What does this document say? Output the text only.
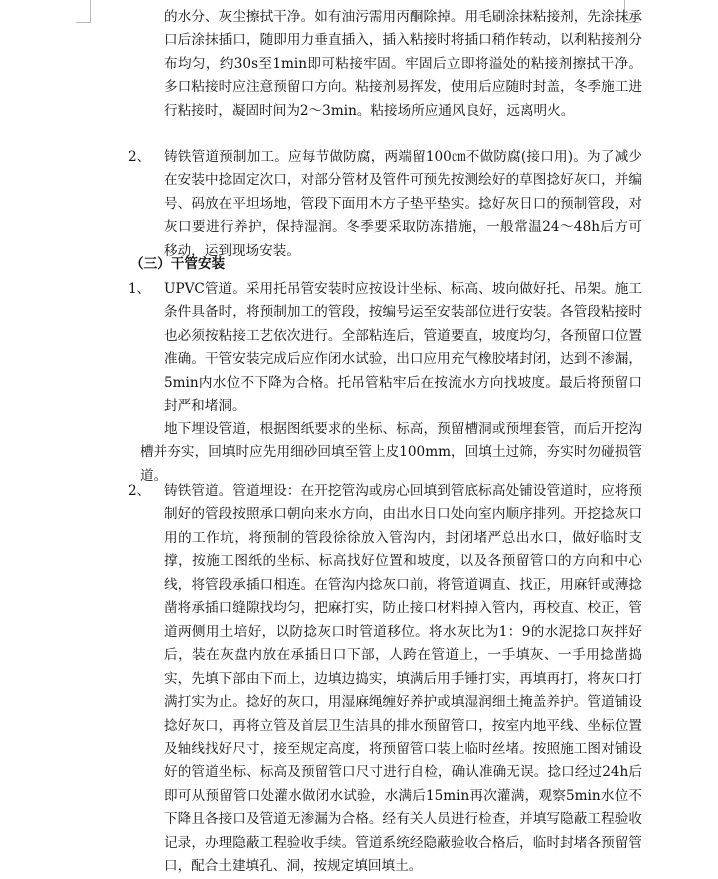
的水分、灰尘擦拭干净。如有油污需用丙酮除掉。用毛刷涂抹粘接剂，先涂抹承口后涂抹插口，随即用力垂直插入，插入粘接时将插口稍作转动，以利粘接剂分布均匀，约30s至1min即可粘接牢固。牢固后立即将溢处的粘接剂擦拭干净。多口粘接时应注意预留口方向。粘接剂易挥发，使用后应随时封盖，冬季施工进行粘接时，凝固时间为2～3min。粘接场所应通风良好，远离明火。
2、 铸铁管道预制加工。应每节做防腐，两端留100㎝不做防腐(接口用)。为了减少在安装中捻固定次口，对部分管材及管件可预先按测绘好的草图捻好灰口，并编号、码放在平坦场地，管段下面用木方子垫平垫实。捻好灰日口的预制管段，对灰口要进行养护，保持湿润。冬季要采取防冻措施，一般常温24～48h后方可移动，运到现场安装。
（三）干管安装
1、 UPVC管道。采用托吊管安装时应按设计坐标、标高、坡向做好托、吊架。施工条件具备时，将预制加工的管段，按编号运至安装部位进行安装。各管段粘接时也必须按粘接工艺依次进行。全部粘连后，管道要直，坡度均匀，各预留口位置准确。干管安装完成后应作闭水试验，出口应用充气橡胶堵封闭，达到不渗漏，5min内水位不下降为合格。托吊管粘牢后在按流水方向找坡度。最后将预留口封严和堵洞。
地下埋设管道，根据图纸要求的坐标、标高，预留槽洞或预埋套管，而后开挖沟槽并夯实，回填时应先用细砂回填至管上皮100mm，回填土过筛，夯实时勿碰损管道。
2、 铸铁管道。管道埋设：在开挖管沟或房心回填到管底标高处铺设管道时，应将预制好的管段按照承口朝向来水方向，由出水日口处向室内顺序排列。开挖捻灰口用的工作坑，将预制的管段徐徐放入管沟内，封闭堵严总出水口，做好临时支撑，按施工图纸的坐标、标高找好位置和坡度，以及各预留管口的方向和中心线，将管段承插口相连。在管沟内捻灰口前，将管道调直、找正，用麻钎或薄捻凿将承插口缝隙找均匀，把麻打实，防止接口材料掉入管内，再校直、校正，管道两侧用土培好，以防捻灰口时管道移位。将水灰比为1：9的水泥捻口灰拌好后，装在灰盘内放在承插日口下部，人跨在管道上，一手填灰、一手用捻凿捣实，先填下部由下而上，边填边捣实，填满后用手锤打实，再填再打，将灰口打满打实为止。捻好的灰口，用湿麻绳缠好养护或填湿润细土掩盖养护。管道铺设捻好灰口，再将立管及首层卫生洁具的排水预留管口，按室内地平线、坐标位置及轴线找好尺寸，接至规定高度，将预留管口装上临时丝堵。按照施工图对铺设好的管道坐标、标高及预留管口尺寸进行自检，确认准确无误。捻口经过24h后即可从预留管口处灌水做闭水试验，水满后15min再次灌满，观察5min水位不下降且各接口及管道无渗漏为合格。经有关人员进行检查，并填写隐蔽工程验收记录，办理隐蔽工程验收手续。管道系统经隐蔽验收合格后，临时封堵各预留管口，配合土建填孔、洞，按规定填回填土。
